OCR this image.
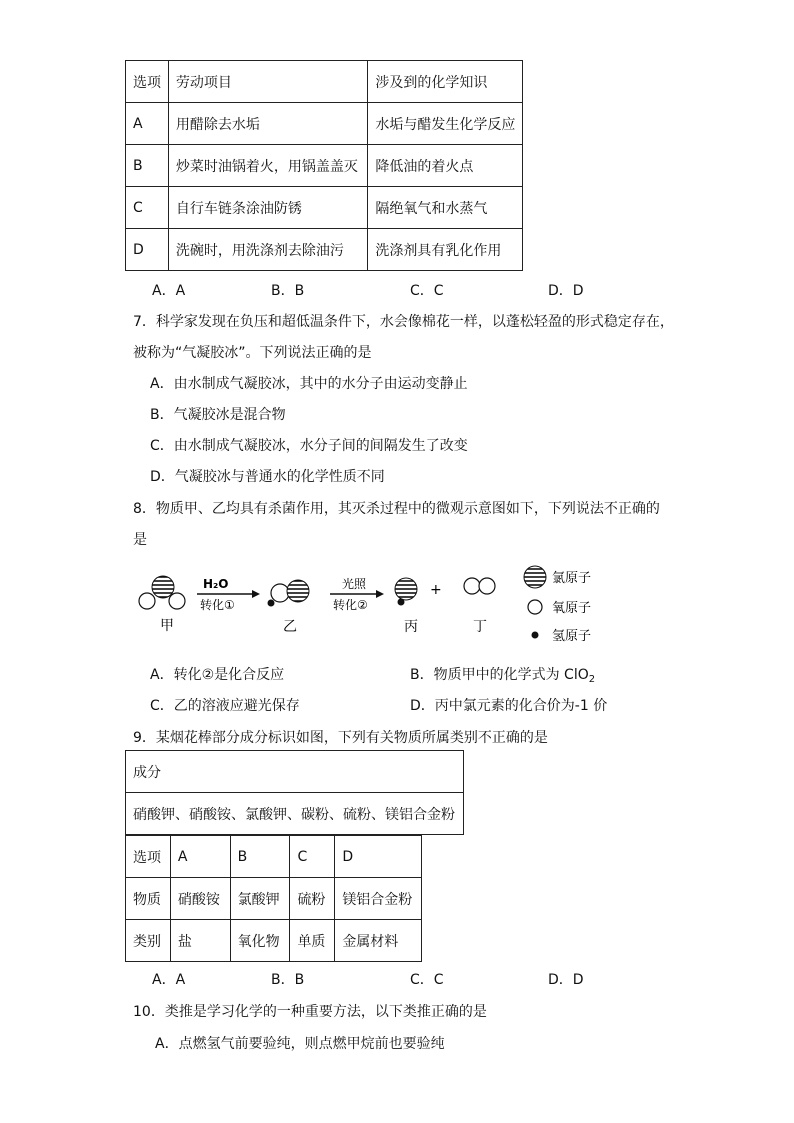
选项	劳动项目	涉及到的化学知识
A	用醋除去水垢	水垢与醋发生化学反应
B	炒菜时油锅着火，用锅盖盖灭	降低油的着火点
C	自行车链条涂油防锈	隔绝氧气和水蒸气
D	洗碗时，用洗涤剂去除油污	洗涤剂具有乳化作用
A．A	B．B	C．C	D．D
7．科学家发现在负压和超低温条件下，水会像棉花一样，以蓬松轻盈的形式稳定存在，
被称为“气凝胶冰”。下列说法正确的是
A．由水制成气凝胶冰，其中的水分子由运动变静止
B．气凝胶冰是混合物
C．由水制成气凝胶冰，水分子间的间隔发生了改变
D．气凝胶冰与普通水的化学性质不同
8．物质甲、乙均具有杀菌作用，其灭杀过程中的微观示意图如下，下列说法不正确的
是
甲
H₂O
转化①
乙
光照
转化②
丙
+
丁
氯原子
氧原子
氢原子
A．转化②是化合反应	B．物质甲中的化学式为 ClO$_2$
C．乙的溶液应避光保存	D．丙中氯元素的化合价为-1 价
9．某烟花棒部分成分标识如图，下列有关物质所属类别不正确的是
成分
硝酸钾、硝酸铵、氯酸钾、碳粉、硫粉、镁铝合金粉
选项	A	B	C	D
物质	硝酸铵	氯酸钾	硫粉	镁铝合金粉
类别	盐	氧化物	单质	金属材料
A．A	B．B	C．C	D．D
10．类推是学习化学的一种重要方法，以下类推正确的是
A．点燃氢气前要验纯，则点燃甲烷前也要验纯
